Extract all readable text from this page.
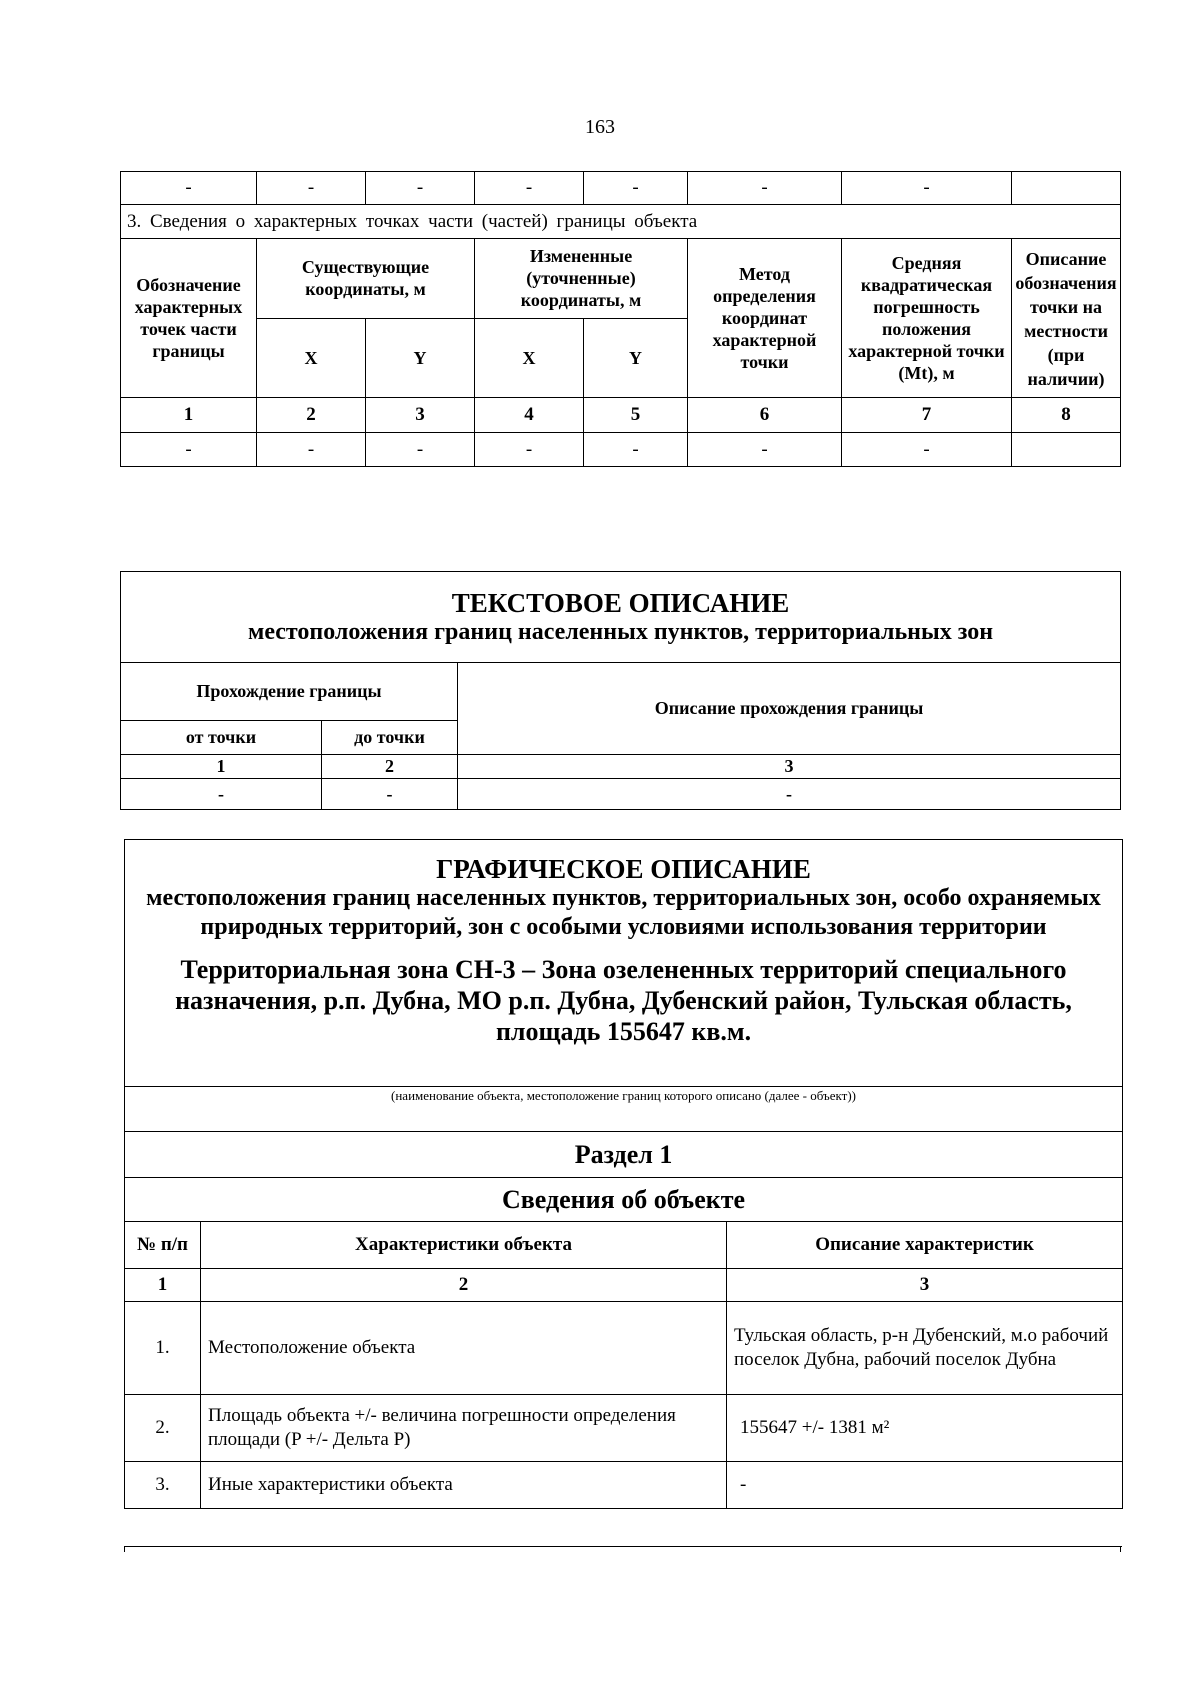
163
-	-	-	-	-	-	-	
3. Сведения о характерных точках части (частей) границы объекта							
Обозначение характерных точек части границы	Существующие координаты, м		Измененные (уточненные) координаты, м		Метод определения координат характерной точки	Средняя квадратическая погрешность положения характерной точки (Mt), м	Описание обозначения точки на местности (при наличии)

	X	Y	X	Y			
1	2	3	4	5	6	7	8
-	-	-	-	-	-	-	
ТЕКСТОВОЕ ОПИСАНИЕ
местоположения границ населенных пунктов, территориальных зон		

Прохождение границы		Описание прохождения границы
от точки	до точки	
1	2	3
-	-	-
ГРАФИЧЕСКОЕ ОПИСАНИЕ
местоположения границ населенных пунктов, территориальных зон, особо охраняемых природных территорий, зон с особыми условиями использования территории
Территориальная зона СН-3 – Зона озелененных территорий специального назначения, р.п. Дубна, МО р.п. Дубна, Дубенский район, Тульская область, площадь 155647 кв.м.		

(наименование объекта, местоположение границ которого описано (далее - объект))		

Раздел 1		
Сведения об объекте		
№ п/п	Характеристики объекта	Описание характеристик
1	2	3
1.	Местоположение объекта	Тульская область, р-н Дубенский, м.о рабочий поселок Дубна, рабочий поселок Дубна
2.	Площадь объекта +/- величина погрешности определения площади (P +/- Дельта P)	155647 +/- 1381 м²
3.	Иные характеристики объекта	-
